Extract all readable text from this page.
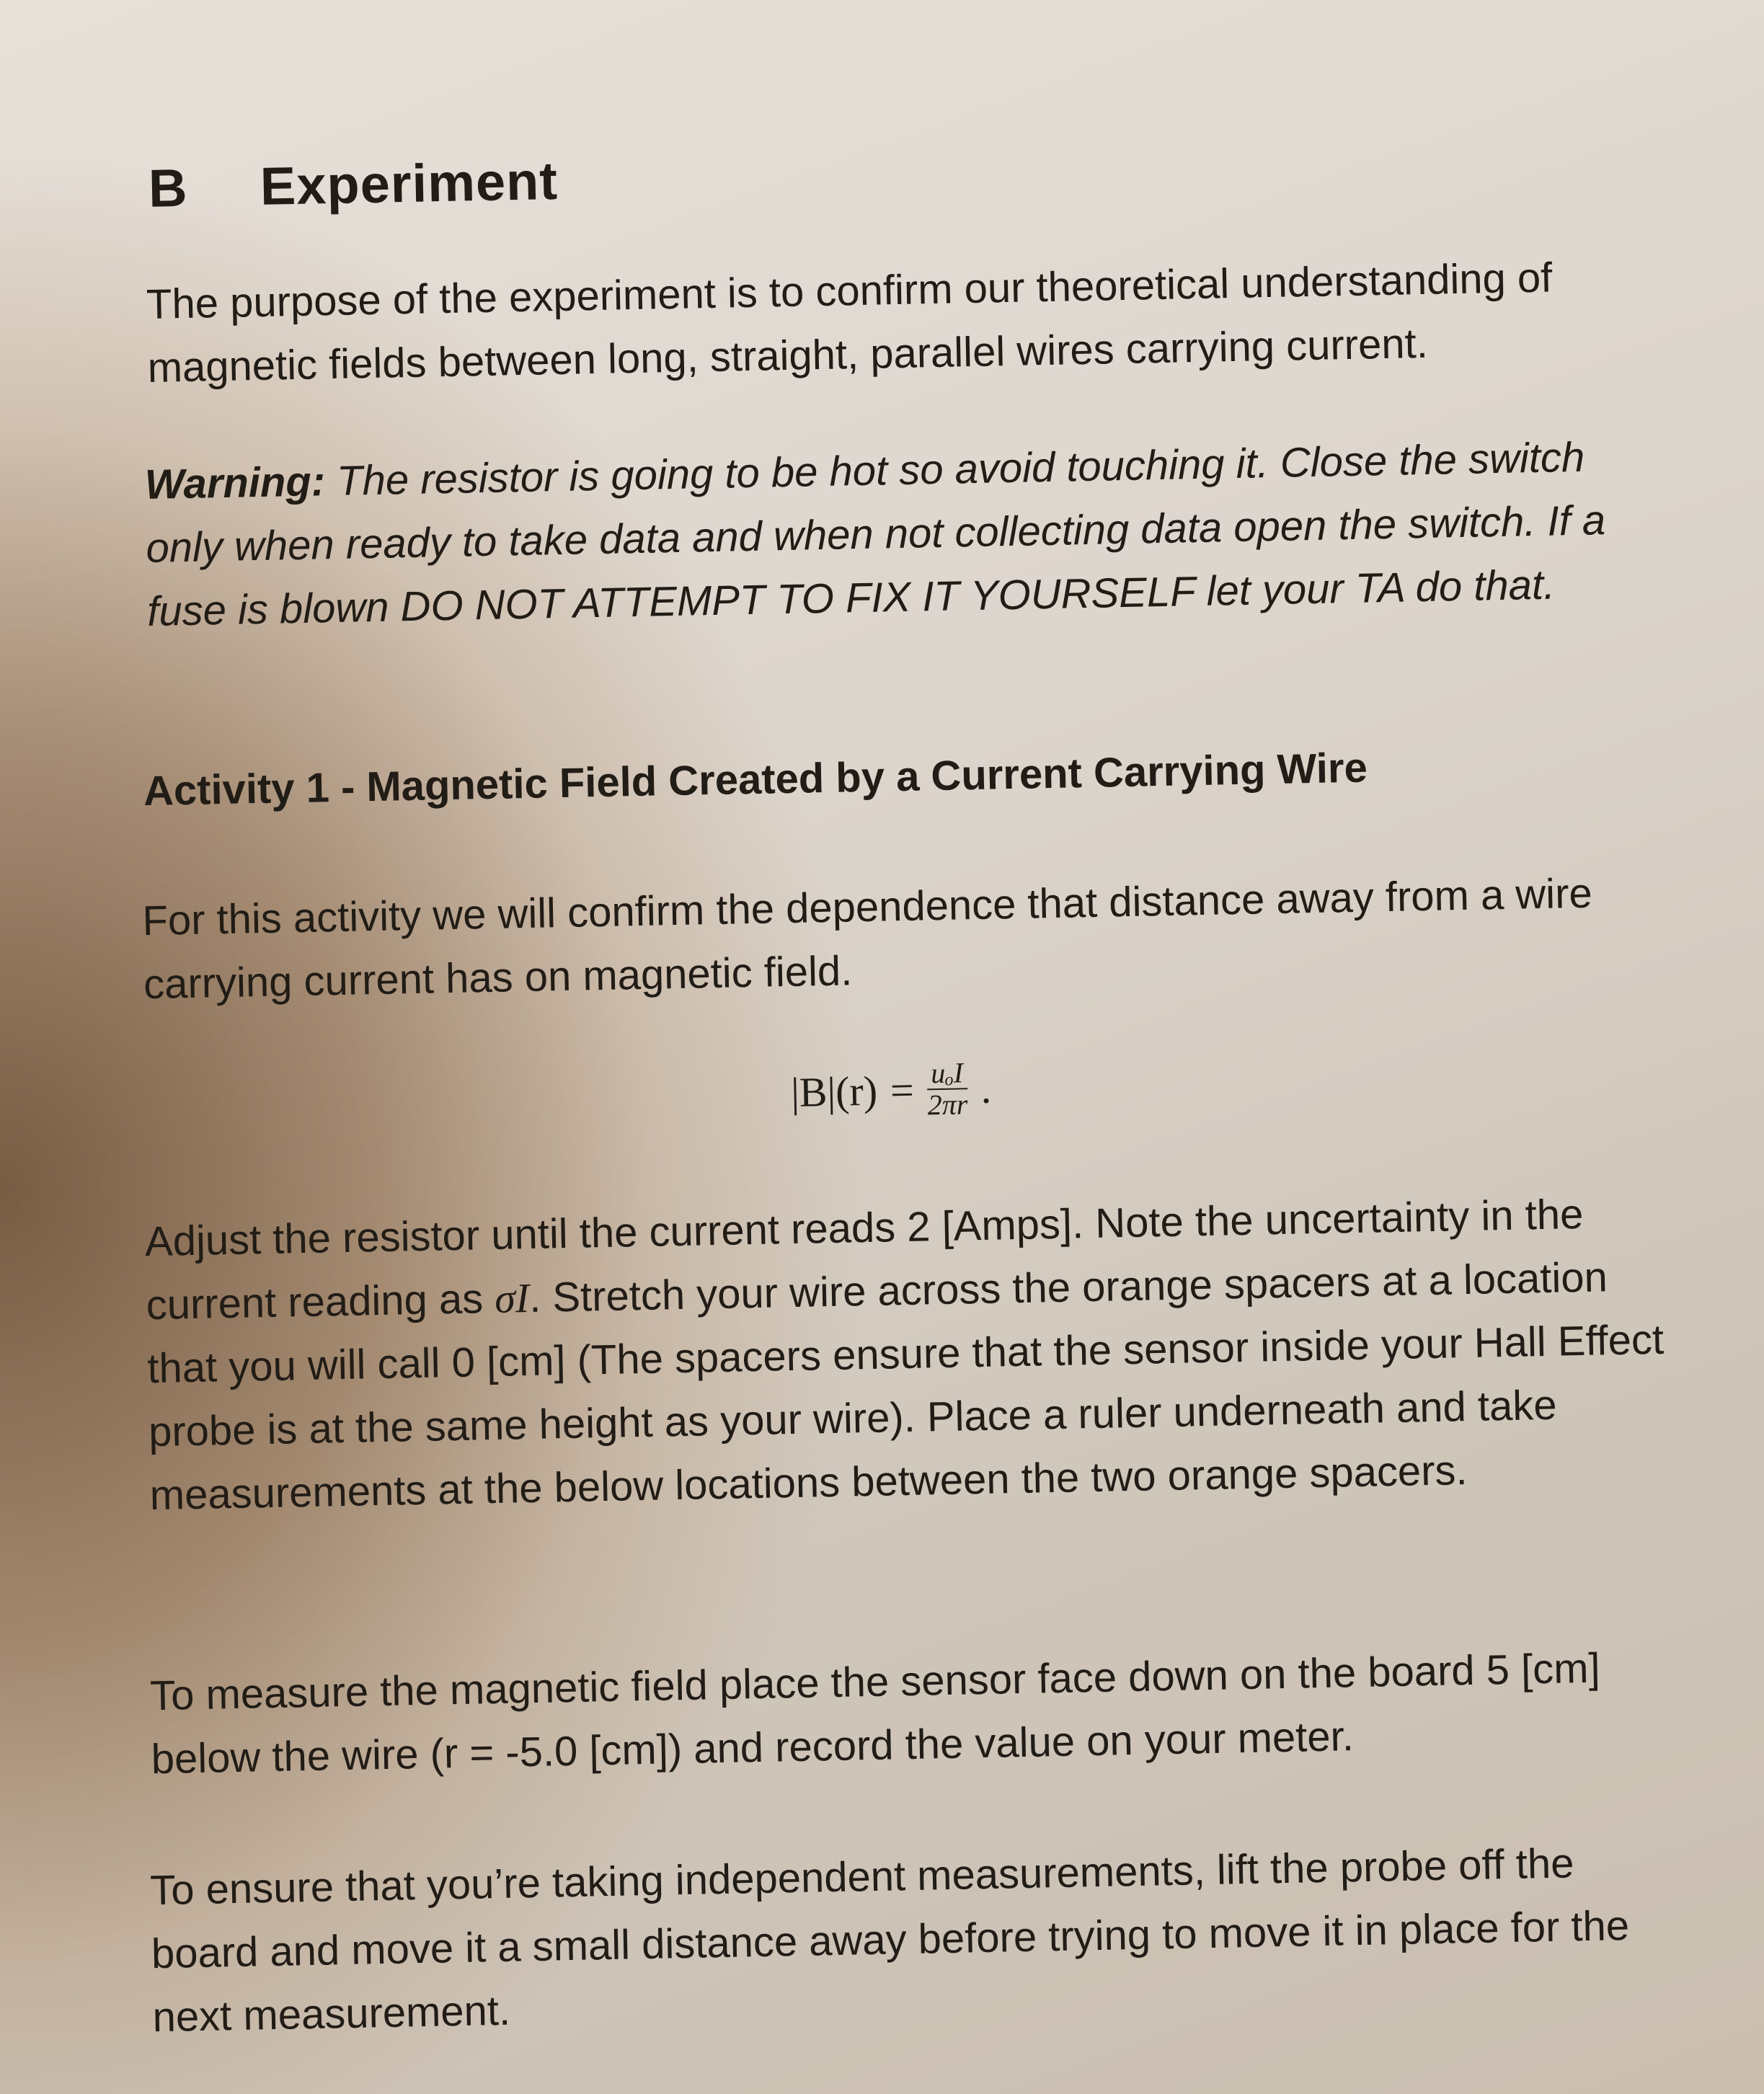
B Experiment
The purpose of the experiment is to confirm our theoretical understanding of magnetic fields between long, straight, parallel wires carrying current.
Warning: The resistor is going to be hot so avoid touching it. Close the switch only when ready to take data and when not collecting data open the switch. If a fuse is blown DO NOT ATTEMPT TO FIX IT YOURSELF let your TA do that.
Activity 1 - Magnetic Field Created by a Current Carrying Wire
For this activity we will confirm the dependence that distance away from a wire carrying current has on magnetic field.
$|B|(r) = \frac{\text{uₒI}}{2\pi r}$ .
Adjust the resistor until the current reads 2 [Amps]. Note the uncertainty in the current reading as σI. Stretch your wire across the orange spacers at a location that you will call 0 [cm] (The spacers ensure that the sensor inside your Hall Effect probe is at the same height as your wire). Place a ruler underneath and take measurements at the below locations between the two orange spacers.
To measure the magnetic field place the sensor face down on the board 5 [cm] below the wire (r = -5.0 [cm]) and record the value on your meter.
To ensure that you’re taking independent measurements, lift the probe off the board and move it a small distance away before trying to move it in place for the next measurement.
